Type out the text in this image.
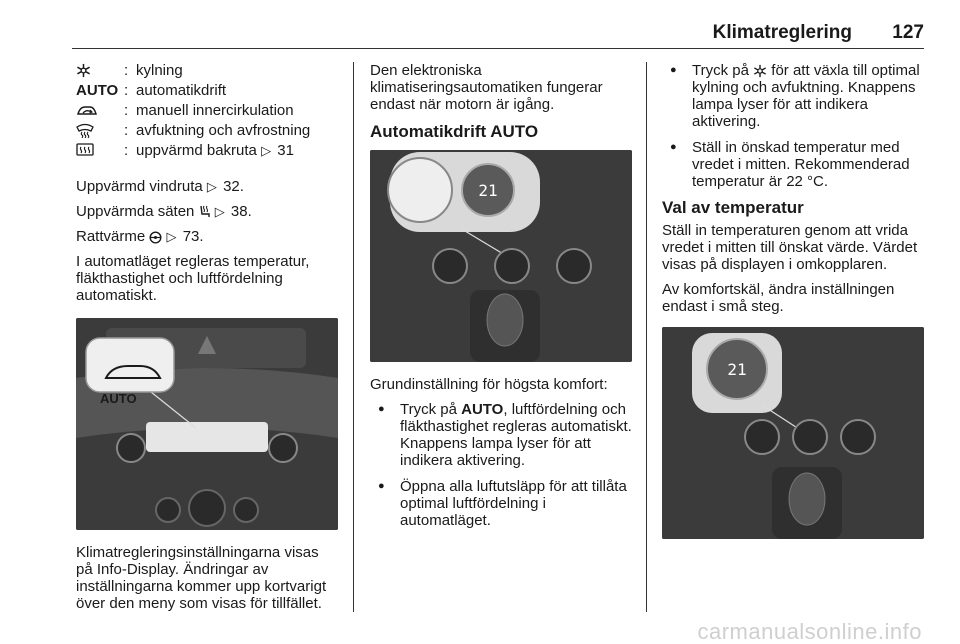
Klimatreglering 127
: kylning
AUTO : automatikdrift
: manuell innercirkulation
: avfuktning och avfrostning
: uppvärmd bakruta ▷ 31

Uppvärmd vindruta ▷ 32.

Uppvärmda säten ▷ 38.

Rattvärme ▷ 73.

I automatläget regleras temperatur, fläkthastighet och luftfördelning automatiskt.

AUTO

Klimatregleringsinställningarna visas på Info-Display. Ändringar av inställningarna kommer upp kortvarigt över den meny som visas för tillfället.

Den elektroniska klimatiseringsautomatiken fungerar endast när motorn är igång.

Automatikdrift AUTO
21

Grundinställning för högsta komfort:

● Tryck på AUTO, luftfördelning och fläkthastighet regleras automatiskt. Knappens lampa lyser för att indikera aktivering.
● Öppna alla luftutsläpp för att tillåta optimal luftfördelning i automatläget.
● Tryck på för att växla till optimal kylning och avfuktning. Knappens lampa lyser för att indikera aktivering.
● Ställ in önskad temperatur med vredet i mitten. Rekommenderad temperatur är 22 °C.
Val av temperatur

Ställ in temperaturen genom att vrida vredet i mitten till önskat värde. Värdet visas på displayen i omkopplaren.

Av komfortskäl, ändra inställningen endast i små steg.

21
carmanualsonline.info
